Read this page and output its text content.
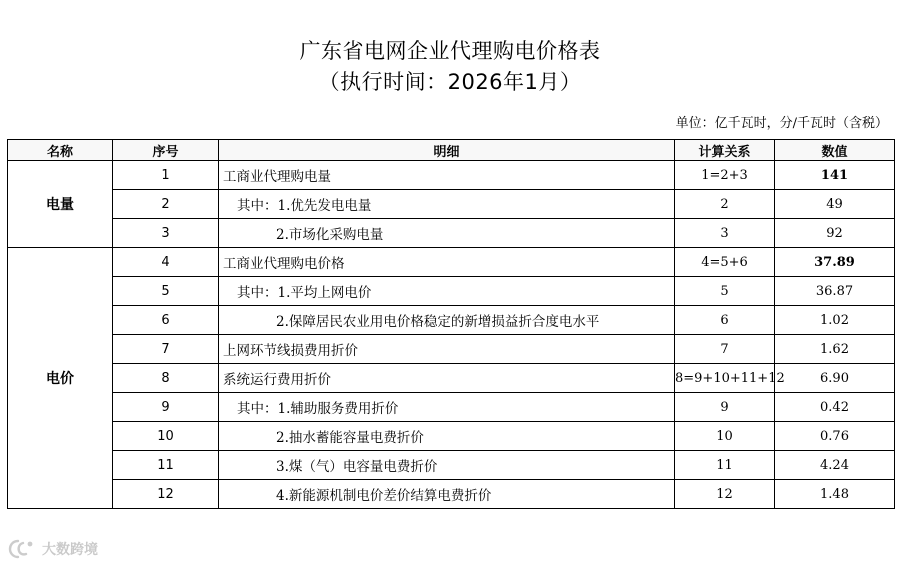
广东省电网企业代理购电价格表
（执行时间：2026年1月）
单位：亿千瓦时，分/千瓦时（含税）
名称	序号	明细	计算关系	数值
电量	1	工商业代理购电量	1=2+3	141
	2	其中：1.优先发电电量	2	49
	3	2.市场化采购电量	3	92
电价	4	工商业代理购电价格	4=5+6	37.89
	5	其中：1.平均上网电价	5	36.87
	6	2.保障居民农业用电价格稳定的新增损益折合度电水平	6	1.02
	7	上网环节线损费用折价	7	1.62
	8	系统运行费用折价	8=9+10+11+12	6.90
	9	其中：1.辅助服务费用折价	9	0.42
	10	2.抽水蓄能容量电费折价	10	0.76
	11	3.煤（气）电容量电费折价	11	4.24
	12	4.新能源机制电价差价结算电费折价	12	1.48
大数跨境
